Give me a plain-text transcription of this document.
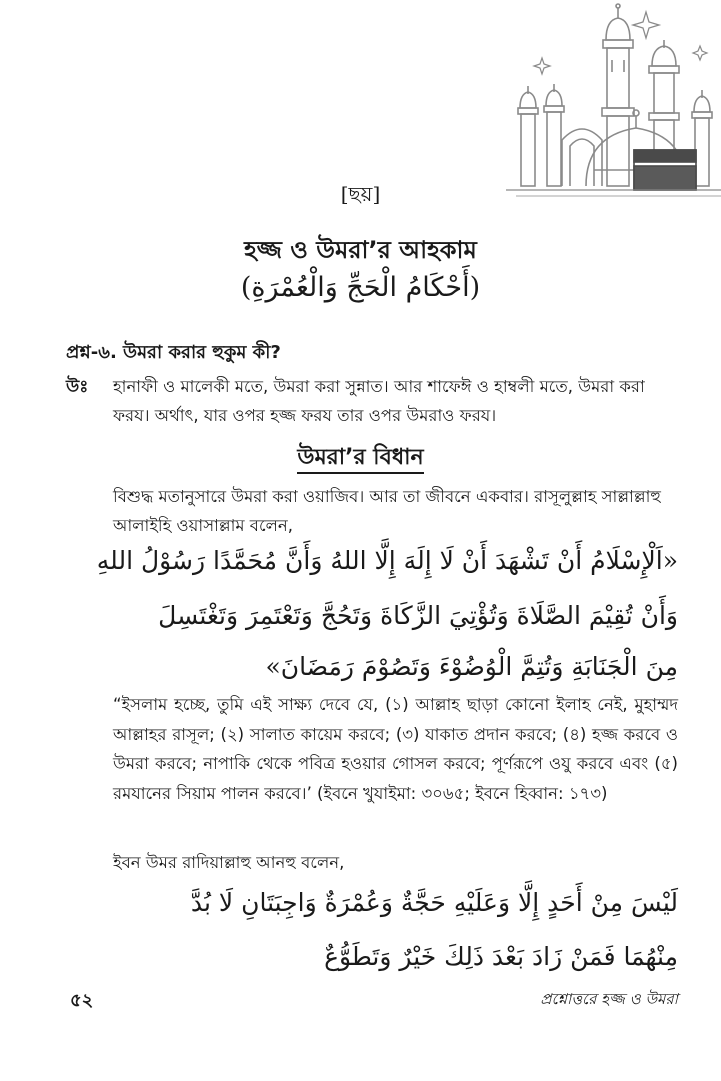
[ছয়]
হজ্জ ও উমরা’র আহকাম
(أَحْكَامُ الْحَجِّ وَالْعُمْرَةِ)
প্রশ্ন-৬. উমরা করার হুকুম কী?
উঃ হানাফী ও মালেকী মতে, উমরা করা সুন্নাত। আর শাফেঈ ও হাম্বলী মতে, উমরা করা ফরয। অর্থাৎ, যার ওপর হজ্জ ফরয তার ওপর উমরাও ফরয।
উমরা’র বিধান
বিশুদ্ধ মতানুসারে উমরা করা ওয়াজিব। আর তা জীবনে একবার। রাসূলুল্লাহ সাল্লাল্লাহু আলাইহি ওয়াসাল্লাম বলেন,
«اَلْإِسْلَامُ أَنْ تَشْهَدَ أَنْ لَا إِلَهَ إِلَّا اللهُ وَأَنَّ مُحَمَّدًا رَسُوْلُ اللهِ
وَأَنْ تُقِيْمَ الصَّلَاةَ وَتُؤْتِيَ الزَّكَاةَ وَتَحُجَّ وَتَعْتَمِرَ وَتَغْتَسِلَ
مِنَ الْجَنَابَةِ وَتُتِمَّ الْوُضُوْءَ وَتَصُوْمَ رَمَضَانَ»
“ইসলাম হচ্ছে, তুমি এই সাক্ষ্য দেবে যে, (১) আল্লাহ ছাড়া কোনো ইলাহ নেই, মুহাম্মদ আল্লাহর রাসূল; (২) সালাত কায়েম করবে; (৩) যাকাত প্রদান করবে; (৪) হজ্জ করবে ও উমরা করবে; নাপাকি থেকে পবিত্র হওয়ার গোসল করবে; পূর্ণরূপে ওযু করবে এবং (৫) রমযানের সিয়াম পালন করবে।’ (ইবনে খুযাইমা: ৩০৬৫; ইবনে হিব্বান: ১৭৩)
ইবন উমর রাদিয়াল্লাহু আনহু বলেন,
لَيْسَ مِنْ أَحَدٍ إِلَّا وَعَلَيْهِ حَجَّةٌ وَعُمْرَةٌ وَاجِبَتَانِ لَا بُدَّ
مِنْهُمَا فَمَنْ زَادَ بَعْدَ ذَلِكَ خَيْرٌ وَتَطَوُّعٌ
৫২	প্রশ্নোত্তরে হজ্জ ও উমরা
